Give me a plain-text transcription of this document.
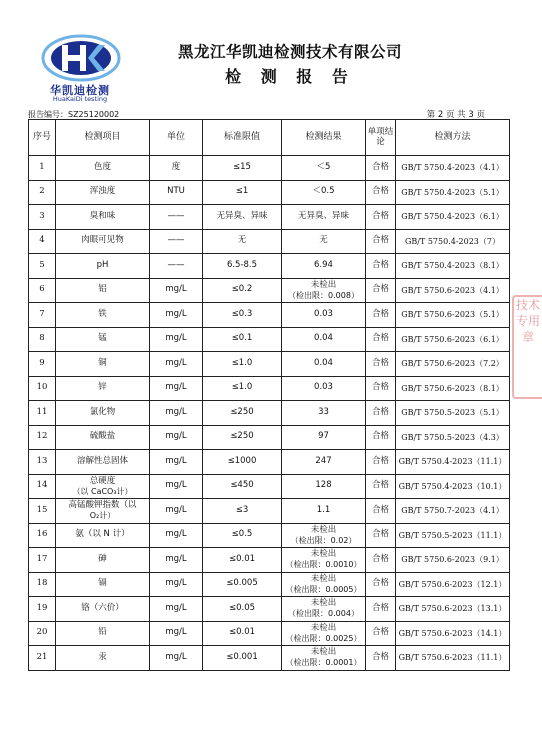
华凯迪检测
HuaKaiDi testing
黑龙江华凯迪检测技术有限公司
检 测 报 告
报告编号：SZ25120002	第 2 页 共 3 页
序号	检测项目	单位	标准限值	检测结果	单项结论	检测方法

1	色度	度	≤15	＜5	合格	GB/T 5750.4-2023（4.1）

2	浑浊度	NTU	≤1	＜0.5	合格	GB/T 5750.4-2023（5.1）

3	臭和味	——	无异臭、异味	无异臭、异味	合格	GB/T 5750.4-2023（6.1）

4	肉眼可见物	——	无	无	合格	GB/T 5750.4-2023（7）

5	pH	——	6.5-8.5	6.94	合格	GB/T 5750.4-2023（8.1）

6	铝	mg/L	≤0.2	未检出
（检出限：0.008）	合格	GB/T 5750.6-2023（4.1）

7	铁	mg/L	≤0.3	0.03	合格	GB/T 5750.6-2023（5.1）

8	锰	mg/L	≤0.1	0.04	合格	GB/T 5750.6-2023（6.1）

9	铜	mg/L	≤1.0	0.04	合格	GB/T 5750.6-2023（7.2）

10	锌	mg/L	≤1.0	0.03	合格	GB/T 5750.6-2023（8.1）

11	氯化物	mg/L	≤250	33	合格	GB/T 5750.5-2023（5.1）

12	硫酸盐	mg/L	≤250	97	合格	GB/T 5750.5-2023（4.3）

13	溶解性总固体	mg/L	≤1000	247	合格	GB/T 5750.4-2023（11.1）

14	总硬度
（以 CaCO₃计）	mg/L	≤450	128	合格	GB/T 5750.4-2023（10.1）

15	高锰酸钾指数（以
O₂计）	mg/L	≤3	1.1	合格	GB/T 5750.7-2023（4.1）

16	氨（以 N 计）	mg/L	≤0.5	未检出
（检出限：0.02）	合格	GB/T 5750.5-2023（11.1）

17	砷	mg/L	≤0.01	未检出
（检出限：0.0010）	合格	GB/T 5750.6-2023（9.1）

18	镉	mg/L	≤0.005	未检出
（检出限：0.0005）	合格	GB/T 5750.6-2023（12.1）

19	铬（六价）	mg/L	≤0.05	未检出
（检出限：0.004）	合格	GB/T 5750.6-2023（13.1）

20	铅	mg/L	≤0.01	未检出
（检出限：0.0025）	合格	GB/T 5750.6-2023（14.1）

21	汞	mg/L	≤0.001	未检出
（检出限：0.0001）	合格	GB/T 5750.6-2023（11.1）
技术专用章
